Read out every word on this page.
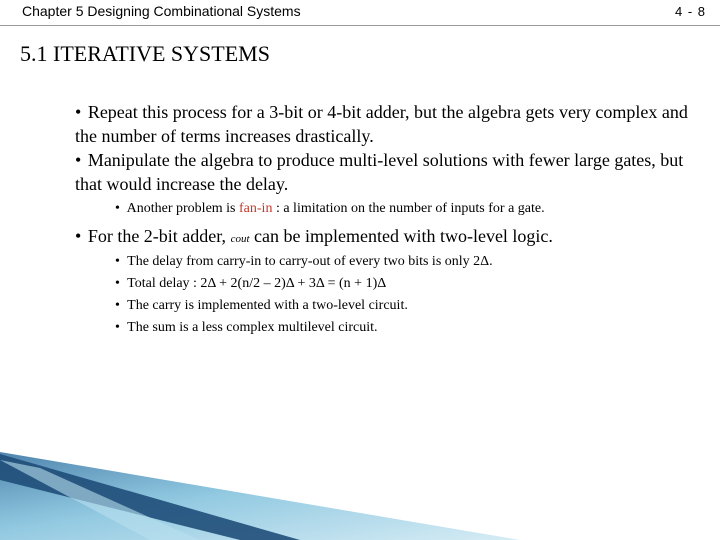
Chapter 5 Designing Combinational Systems	4 - 8
5.1 ITERATIVE SYSTEMS

• Repeat this process for a 3-bit or 4-bit adder, but the algebra gets very complex and the number of terms increases drastically.

• Manipulate the algebra to produce multi-level solutions with fewer large gates, but that would increase the delay.

• Another problem is fan-in : a limitation on the number of inputs for a gate.

• For the 2-bit adder, cout can be implemented with two-level logic.

• The delay from carry-in to carry-out of every two bits is only 2Δ.

• Total delay : 2Δ + 2(n/2 – 2)Δ + 3Δ = (n + 1)Δ

• The carry is implemented with a two-level circuit.

• The sum is a less complex multilevel circuit.
